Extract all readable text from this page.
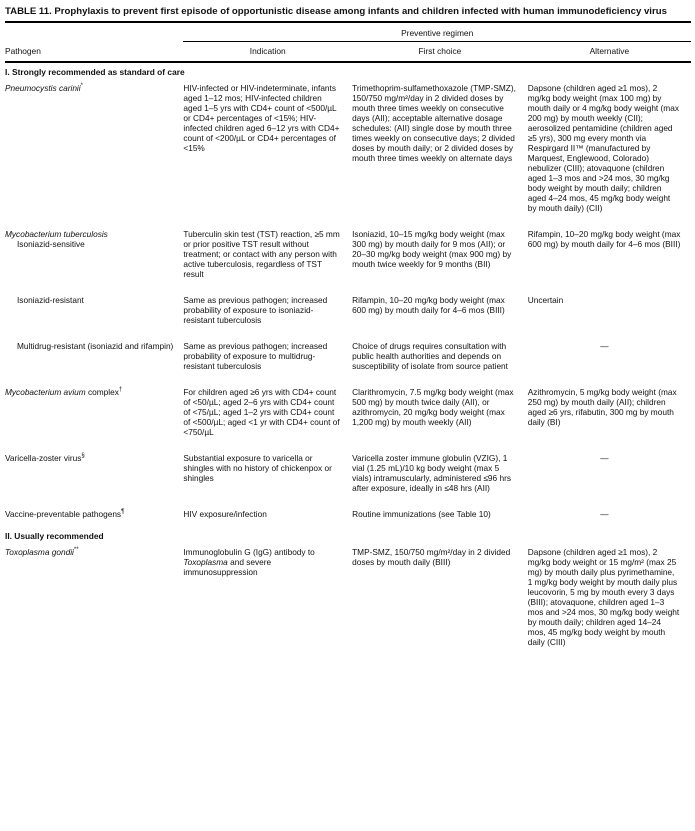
TABLE 11. Prophylaxis to prevent first episode of opportunistic disease among infants and children infected with human immunodeficiency virus
	Preventive regimen		
Pathogen	Indication	First choice	Alternative
I. Strongly recommended as standard of care			

Pneumocystis carinii*	HIV-infected or HIV-indeterminate, infants aged 1–12 mos; HIV-infected children aged 1–5 yrs with CD4+ count of <500/µL or CD4+ percentages of <15%; HIV-infected children aged 6–12 yrs with CD4+ count of <200/µL or CD4+ percentages of <15%	Trimethoprim-sulfamethoxazole (TMP-SMZ), 150/750 mg/m²/day in 2 divided doses by mouth three times weekly on consecutive days (AII); acceptable alternative dosage schedules: (AII) single dose by mouth three times weekly on consecutive days; 2 divided doses by mouth daily; or 2 divided doses by mouth three times weekly on alternate days	Dapsone (children aged ≥1 mos), 2 mg/kg body weight (max 100 mg) by mouth daily or 4 mg/kg body weight (max 200 mg) by mouth weekly (CII); aerosolized pentamidine (children aged ≥5 yrs), 300 mg every month via Respirgard II™ (manufactured by Marquest, Englewood, Colorado) nebulizer (CIII); atovaquone (children aged 1–3 mos and >24 mos, 30 mg/kg body weight by mouth daily; children aged 4–24 mos, 45 mg/kg body weight by mouth daily) (CII)

Mycobacterium tuberculosis
Isoniazid-sensitive	Tuberculin skin test (TST) reaction, ≥5 mm or prior positive TST result without treatment; or contact with any person with active tuberculosis, regardless of TST result	Isoniazid, 10–15 mg/kg body weight (max 300 mg) by mouth daily for 9 mos (AII); or 20–30 mg/kg body weight (max 900 mg) by mouth twice weekly for 9 months (BII)	Rifampin, 10–20 mg/kg body weight (max 600 mg) by mouth daily for 4–6 mos (BIII)

Isoniazid-resistant	Same as previous pathogen; increased probability of exposure to isoniazid-resistant tuberculosis	Rifampin, 10–20 mg/kg body weight (max 600 mg) by mouth daily for 4–6 mos (BIII)	Uncertain

Multidrug-resistant (isoniazid and rifampin)	Same as previous pathogen; increased probability of exposure to multidrug-resistant tuberculosis	Choice of drugs requires consultation with public health authorities and depends on susceptibility of isolate from source patient	—

Mycobacterium avium complex†	For children aged ≥6 yrs with CD4+ count of <50/µL; aged 2–6 yrs with CD4+ count of <75/µL; aged 1–2 yrs with CD4+ count of <500/µL; aged <1 yr with CD4+ count of <750/µL	Clarithromycin, 7.5 mg/kg body weight (max 500 mg) by mouth twice daily (AII), or azithromycin, 20 mg/kg body weight (max 1,200 mg) by mouth weekly (AII)	Azithromycin, 5 mg/kg body weight (max 250 mg) by mouth daily (AII); children aged ≥6 yrs, rifabutin, 300 mg by mouth daily (BI)

Varicella-zoster virus§	Substantial exposure to varicella or shingles with no history of chickenpox or shingles	Varicella zoster immune globulin (VZIG), 1 vial (1.25 mL)/10 kg body weight (max 5 vials) intramuscularly, administered ≤96 hrs after exposure, ideally in ≤48 hrs (AII)	—

Vaccine-preventable pathogens¶	HIV exposure/infection	Routine immunizations (see Table 10)	—
II. Usually recommended			

Toxoplasma gondii**	Immunoglobulin G (IgG) antibody to Toxoplasma and severe immunosuppression	TMP-SMZ, 150/750 mg/m²/day in 2 divided doses by mouth daily (BIII)	Dapsone (children aged ≥1 mos), 2 mg/kg body weight or 15 mg/m² (max 25 mg) by mouth daily plus pyrimethamine, 1 mg/kg body weight by mouth daily plus leucovorin, 5 mg by mouth every 3 days (BIII); atovaquone, children aged 1–3 mos and >24 mos, 30 mg/kg body weight by mouth daily; children aged 14–24 mos, 45 mg/kg body weight by mouth daily (CIII)
